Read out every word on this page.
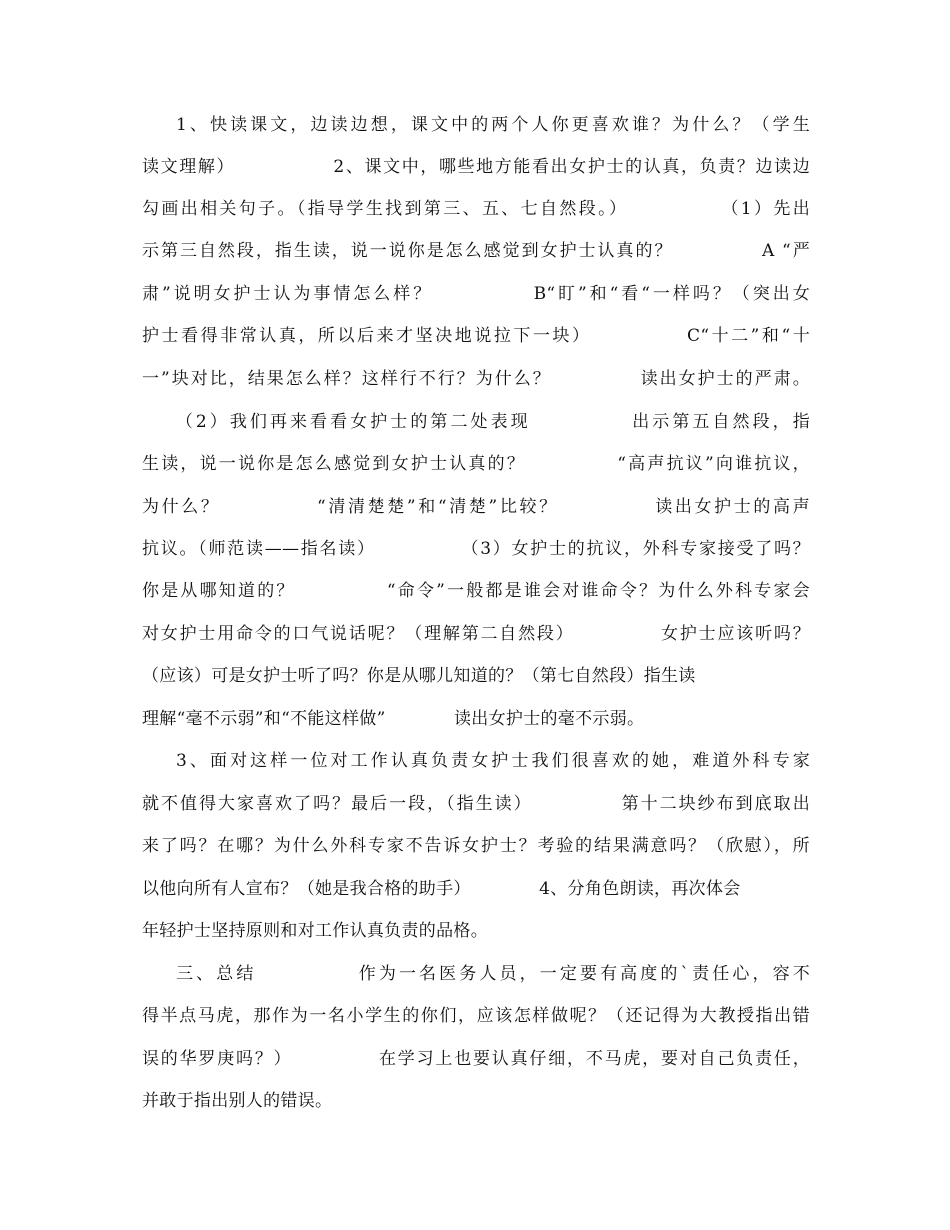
1、快读课文，边读边想，课文中的两个人你更喜欢谁？为什么？（学生
读文理解）              2、课文中，哪些地方能看出女护士的认真，负责？边读边
勾画出相关句子。（指导学生找到第三、五、七自然段。）            （1）先出
示第三自然段，指生读，说一说你是怎么感觉到女护士认真的？            A “严
肃”说明女护士认为事情怎么样？            B“盯”和“看“一样吗？（突出女
护士看得非常认真，所以后来才坚决地说拉下一块）            C“十二”和“十
一”块对比，结果怎么样？这样行不行？为什么？            读出女护士的严肃。
（2）我们再来看看女护士的第二处表现            出示第五自然段，指
生读，说一说你是怎么感觉到女护士认真的？            “高声抗议”向谁抗议，
为什么？            “清清楚楚”和“清楚”比较？            读出女护士的高声
抗议。（师范读——指名读）            （3）女护士的抗议，外科专家接受了吗？
你是从哪知道的？            “命令”一般都是谁会对谁命令？为什么外科专家会
对女护士用命令的口气说话呢？（理解第二自然段）            女护士应该听吗？
（应该）可是女护士听了吗？你是从哪儿知道的？（第七自然段）指生读
理解“毫不示弱”和“不能这样做”            读出女护士的毫不示弱。
3、面对这样一位对工作认真负责女护士我们很喜欢的她，难道外科专家
就不值得大家喜欢了吗？最后一段，（指生读）            第十二块纱布到底取出
来了吗？在哪？为什么外科专家不告诉女护士？考验的结果满意吗？（欣慰），所
以他向所有人宣布？（她是我合格的助手）            4、分角色朗读，再次体会
年轻护士坚持原则和对工作认真负责的品格。
三、总结            作为一名医务人员，一定要有高度的`责任心，容不
得半点马虎，那作为一名小学生的你们，应该怎样做呢？（还记得为大教授指出错
误的华罗庚吗？）            在学习上也要认真仔细，不马虎，要对自己负责任，
并敢于指出别人的错误。
